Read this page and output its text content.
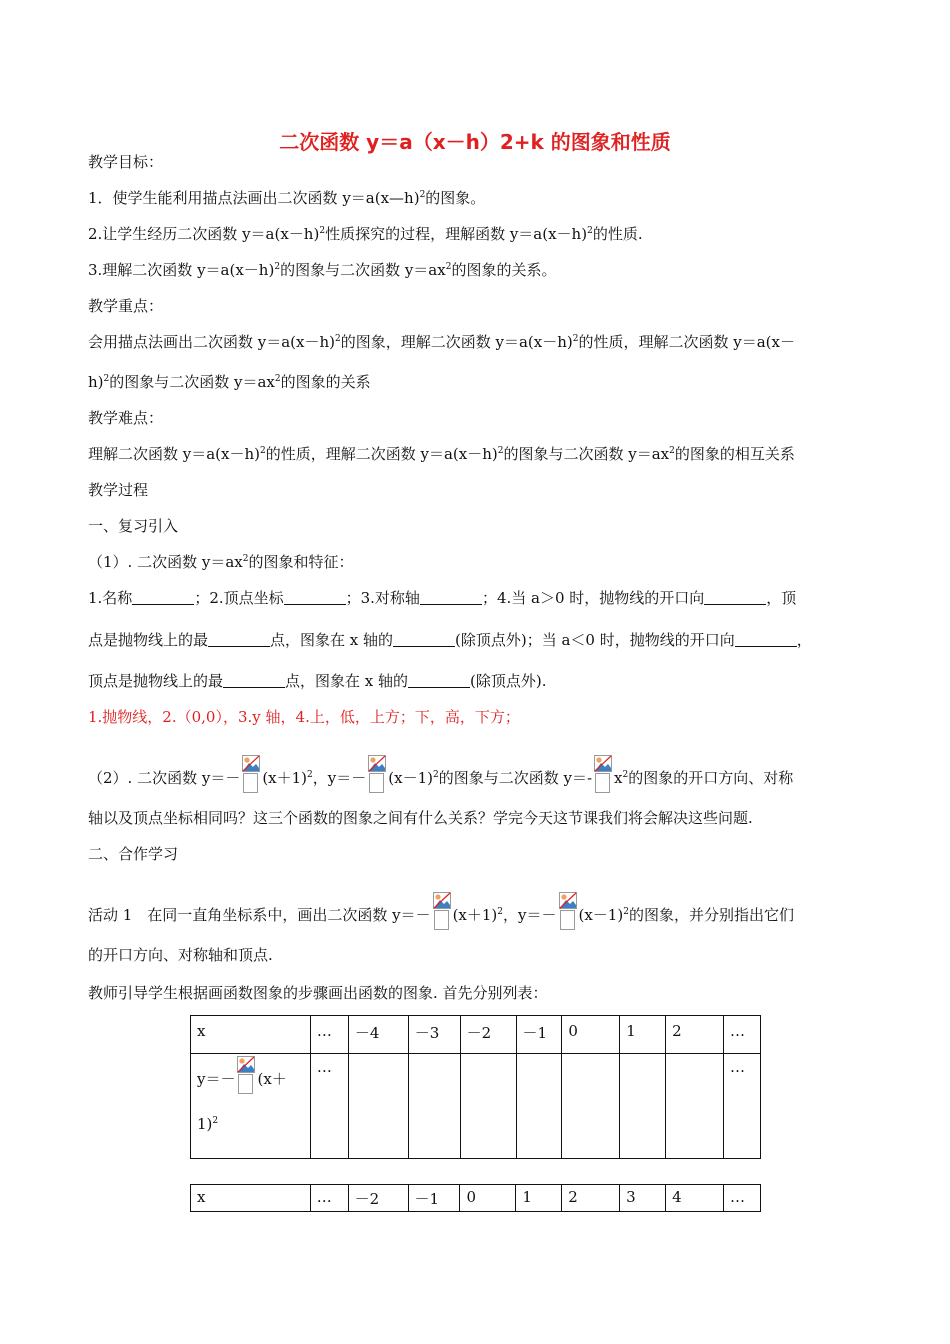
二次函数 y＝a（x－h）2+k 的图象和性质
教学目标：
1．使学生能利用描点法画出二次函数 y＝a(x—h)$^2$的图象。
2.让学生经历二次函数 $y=a(x-h)^2$性质探究的过程，理解函数 $y=a(x-h)^2$的性质.
3.理解二次函数 $y=a(x-h)^2$的图象与二次函数 $y=ax^2$的图象的关系。
教学重点：
会用描点法画出二次函数 $y=a(x-h)^2$的图象，理解二次函数 $y=a(x-h)^2$的性质，理解二次函数 y＝a(x－
h)$^2$的图象与二次函数 $y=ax^2$的图象的关系
教学难点：
理解二次函数 $y=a(x-h)^2$的性质，理解二次函数 $y=a(x-h)^2$的图象与二次函数 $y=ax^2$的图象的相互关系
教学过程
一、复习引入
（1）. 二次函数 $y=ax^2$的图象和特征：
1.名称	；2.顶点坐标	；3.对称轴	；4.当 a＞0 时，抛物线的开口向	，顶
点是抛物线上的最	点，图象在 x 轴的	(除顶点外)；当 a＜0 时，抛物线的开口向	，
顶点是抛物线上的最	点，图象在 x 轴的	(除顶点外).
1.抛物线，2.（0,0），3.y 轴，4.上，低，上方；下，高，下方；
（2）. 二次函数 $y=- (x+1)^2$，$y=- (x-1)^2$的图象与二次函数 y＝- $x^2$的图象的开口方向、对称
轴以及顶点坐标相同吗？这三个函数的图象之间有什么关系？学完今天这节课我们将会解决这些问题.
二、合作学习
活动 1　在同一直角坐标系中，画出二次函数 $y=- (x+1)^2$，$y=- (x-1)^2$的图象，并分别指出它们
的开口方向、对称轴和顶点.
教师引导学生根据画函数图象的步骤画出函数的图象. 首先分别列表：
x	…	－4	－3	－2	－1	0	1	2	…

y＝－ (x＋
1)$^2$	…								…
x	…	－2	－1	0	1	2	3	4	…
